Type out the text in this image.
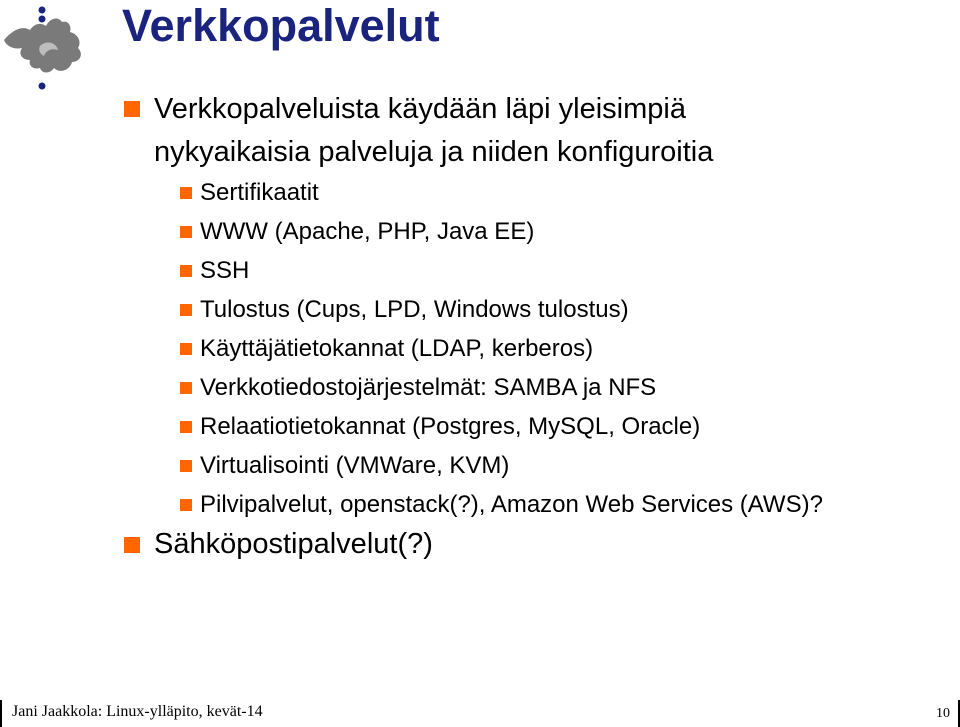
Verkkopalvelut
Verkkopalveluista käydään läpi yleisimpiä
nykyaikaisia palveluja ja niiden konfiguroitia
Sertifikaatit
WWW (Apache, PHP, Java EE)
SSH
Tulostus (Cups, LPD, Windows tulostus)
Käyttäjätietokannat (LDAP, kerberos)
Verkkotiedostojärjestelmät: SAMBA ja NFS
Relaatiotietokannat (Postgres, MySQL, Oracle)
Virtualisointi (VMWare, KVM)
Pilvipalvelut, openstack(?), Amazon Web Services (AWS)?
Sähköpostipalvelut(?)
Jani Jaakkola: Linux-ylläpito, kevät-14	10
